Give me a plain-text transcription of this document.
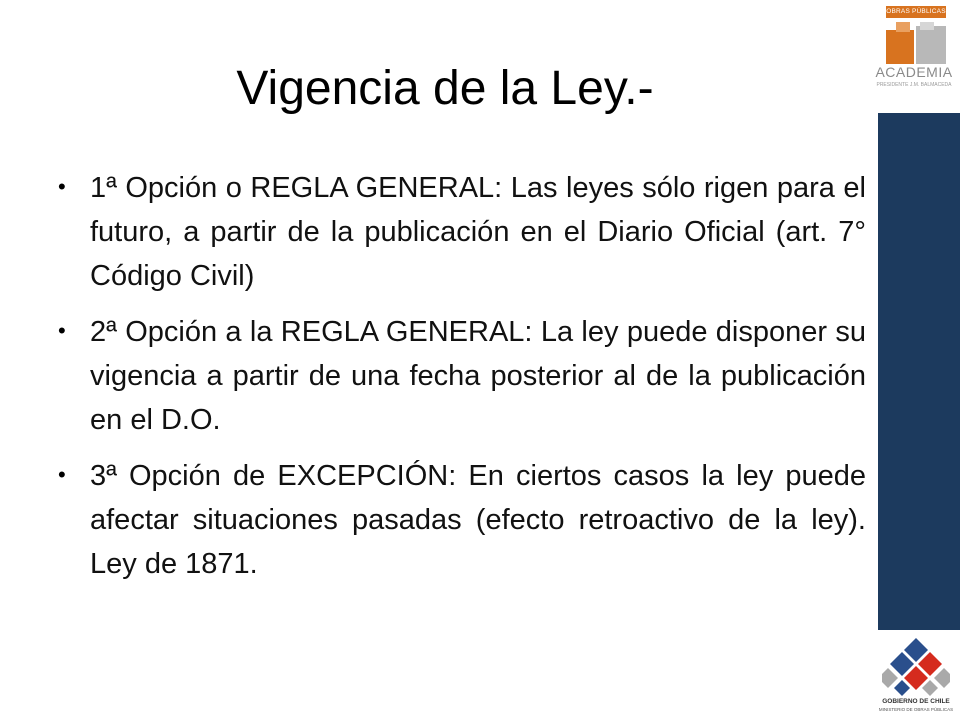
OBRAS PÚBLICAS
ACADEMIA
PRESIDENTE J.M. BALMACEDA
Vigencia de la Ley.-
• 1ª Opción o REGLA GENERAL: Las leyes sólo rigen para el futuro, a partir de la publicación en el Diario Oficial (art. 7° Código Civil)
• 2ª Opción a la REGLA GENERAL: La ley puede disponer su vigencia a partir de una fecha posterior al de la publicación en el D.O.
• 3ª Opción de EXCEPCIÓN: En ciertos casos la ley puede afectar situaciones pasadas (efecto retroactivo de la ley). Ley de 1871.
GOBIERNO DE CHILE
MINISTERIO DE OBRAS PÚBLICAS
